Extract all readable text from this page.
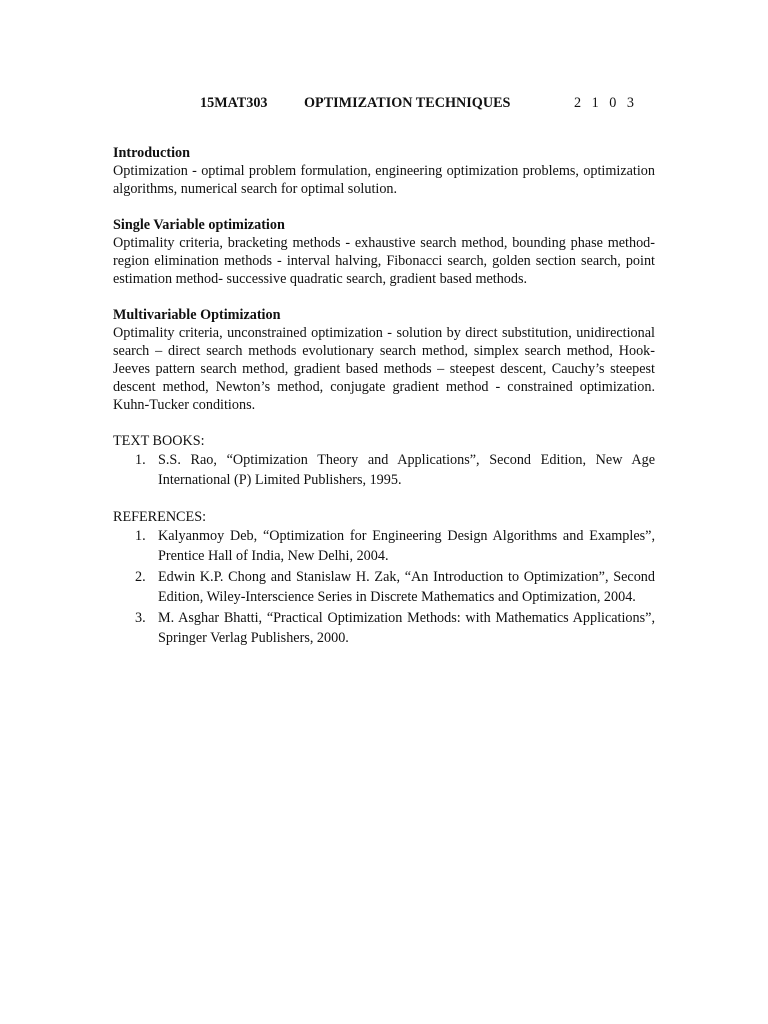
15MAT303	OPTIMIZATION TECHNIQUES	2 1 0 3
Introduction

Optimization - optimal problem formulation, engineering optimization problems, optimization algorithms, numerical search for optimal solution.

Single Variable optimization

Optimality criteria, bracketing methods - exhaustive search method, bounding phase method- region elimination methods - interval halving, Fibonacci search, golden section search, point estimation method- successive quadratic search, gradient based methods.

Multivariable Optimization

Optimality criteria, unconstrained optimization - solution by direct substitution, unidirectional search – direct search methods evolutionary search method, simplex search method, Hook-Jeeves pattern search method, gradient based methods – steepest descent, Cauchy’s steepest descent method, Newton’s method, conjugate gradient method - constrained optimization. Kuhn-Tucker conditions.

TEXT BOOKS:

1. S.S. Rao, “Optimization Theory and Applications”, Second Edition, New Age International (P) Limited Publishers, 1995.

REFERENCES:

1. Kalyanmoy Deb, “Optimization for Engineering Design Algorithms and Examples”, Prentice Hall of India, New Delhi, 2004.
2. Edwin K.P. Chong and Stanislaw H. Zak, “An Introduction to Optimization”, Second Edition, Wiley-Interscience Series in Discrete Mathematics and Optimization, 2004.
3. M. Asghar Bhatti, “Practical Optimization Methods: with Mathematics Applications”, Springer Verlag Publishers, 2000.
